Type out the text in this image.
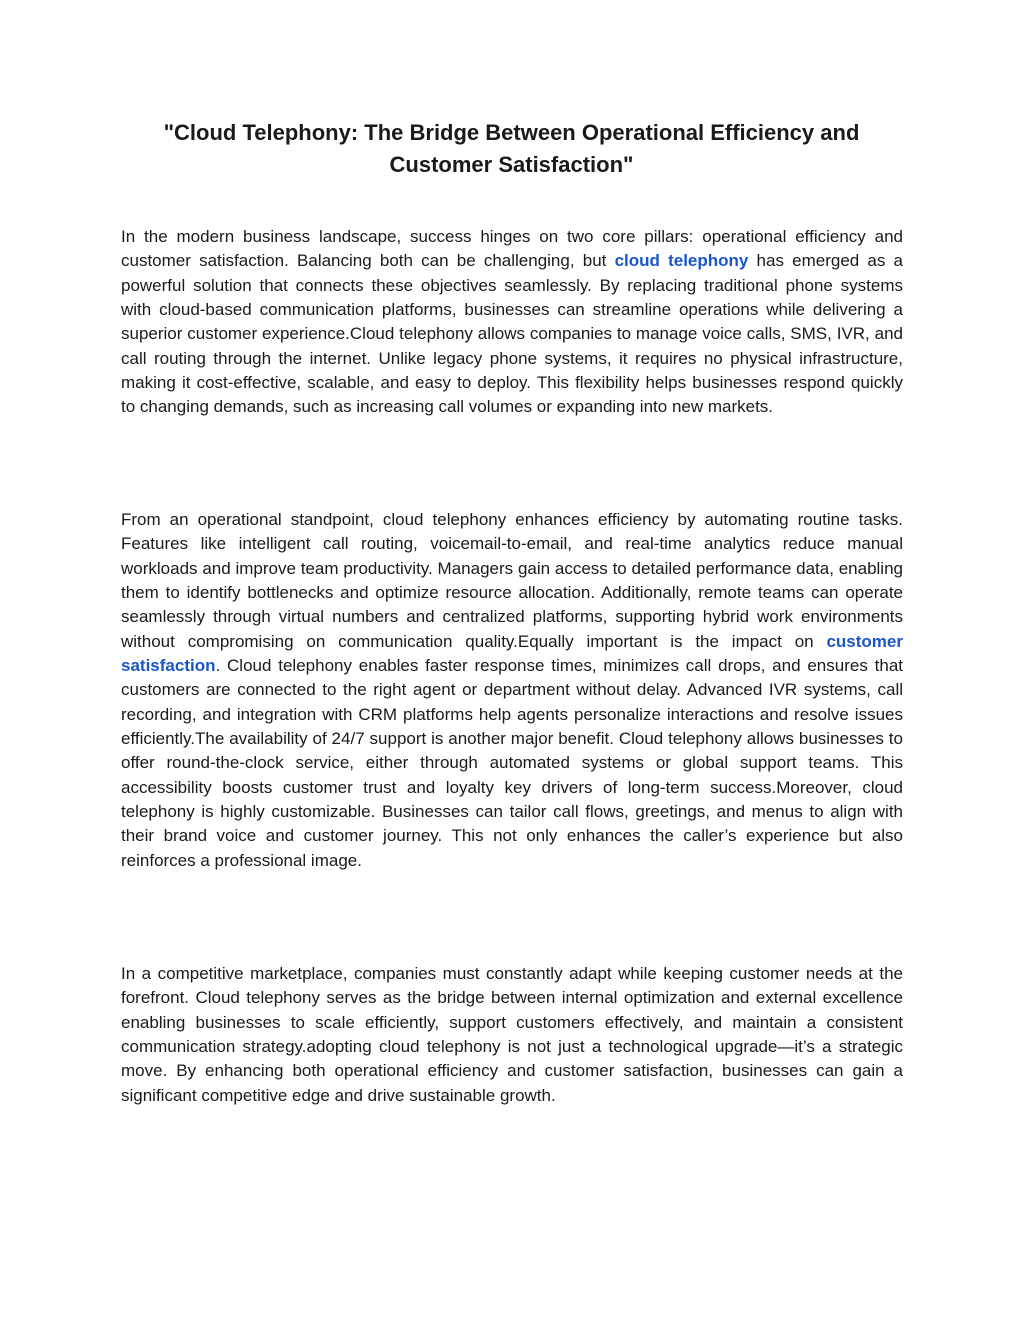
"Cloud Telephony: The Bridge Between Operational Efficiency and Customer Satisfaction"

In the modern business landscape, success hinges on two core pillars: operational efficiency and customer satisfaction. Balancing both can be challenging, but cloud telephony has emerged as a powerful solution that connects these objectives seamlessly. By replacing traditional phone systems with cloud-based communication platforms, businesses can streamline operations while delivering a superior customer experience.Cloud telephony allows companies to manage voice calls, SMS, IVR, and call routing through the internet. Unlike legacy phone systems, it requires no physical infrastructure, making it cost-effective, scalable, and easy to deploy. This flexibility helps businesses respond quickly to changing demands, such as increasing call volumes or expanding into new markets.

From an operational standpoint, cloud telephony enhances efficiency by automating routine tasks. Features like intelligent call routing, voicemail-to-email, and real-time analytics reduce manual workloads and improve team productivity. Managers gain access to detailed performance data, enabling them to identify bottlenecks and optimize resource allocation. Additionally, remote teams can operate seamlessly through virtual numbers and centralized platforms, supporting hybrid work environments without compromising on communication quality.Equally important is the impact on customer satisfaction. Cloud telephony enables faster response times, minimizes call drops, and ensures that customers are connected to the right agent or department without delay. Advanced IVR systems, call recording, and integration with CRM platforms help agents personalize interactions and resolve issues efficiently.The availability of 24/7 support is another major benefit. Cloud telephony allows businesses to offer round-the-clock service, either through automated systems or global support teams. This accessibility boosts customer trust and loyalty key drivers of long-term success.Moreover, cloud telephony is highly customizable. Businesses can tailor call flows, greetings, and menus to align with their brand voice and customer journey. This not only enhances the caller’s experience but also reinforces a professional image.

In a competitive marketplace, companies must constantly adapt while keeping customer needs at the forefront. Cloud telephony serves as the bridge between internal optimization and external excellence enabling businesses to scale efficiently, support customers effectively, and maintain a consistent communication strategy.adopting cloud telephony is not just a technological upgrade—it’s a strategic move. By enhancing both operational efficiency and customer satisfaction, businesses can gain a significant competitive edge and drive sustainable growth.
